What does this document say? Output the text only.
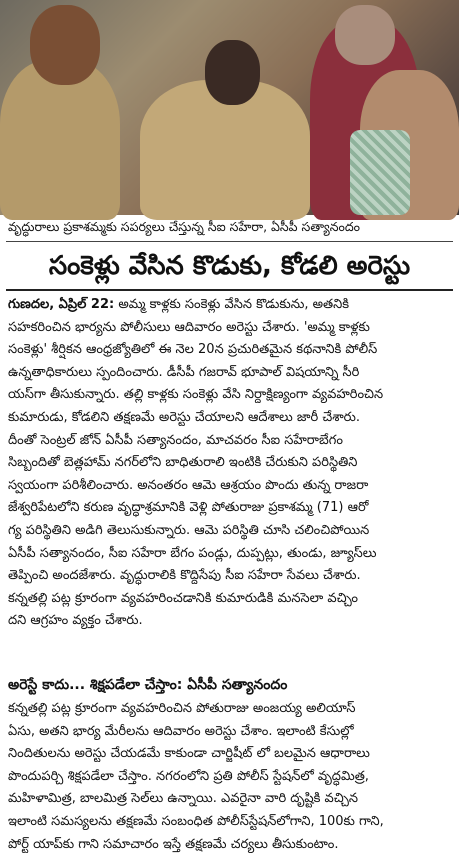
వృద్ధురాలు ప్రకాశమ్మకు సపర్యలు చేస్తున్న సీఐ సహేరా, ఏసీపీ సత్యానందం
సంకెళ్లు వేసిన కొడుకు, కోడలి అరెస్టు
గుణదల, ఏప్రిల్ 22: అమ్మ కాళ్లకు సంకెళ్లు వేసిన కొడుకును, అతనికి
సహకరించిన భార్యను పోలీసులు ఆదివారం అరెస్టు చేశారు. 'అమ్మ కాళ్లకు
సంకెళ్లు' శీర్షికన ఆంధ్రజ్యోతిలో ఈ నెల 20న ప్రచురితమైన కథనానికి పోలీస్
ఉన్నతాధికారులు స్పందించారు. డీసీపీ గజరావ్ భూపాల్ విషయాన్ని సీరి
యస్‌గా తీసుకున్నారు. తల్లి కాళ్లకు సంకెళ్లు వేసి నిర్దాక్షిణ్యంగా వ్యవహరించిన
కుమారుడు, కోడలిని తక్షణమే అరెస్టు చేయాలని ఆదేశాలు జారీ చేశారు.
దీంతో సెంట్రల్ జోన్ ఏసీపీ సత్యానందం, మాచవరం సీఐ సహేరాబేగం
సిబ్బందితో బెత్లహామ్ నగర్‌లోని బాధితురాలి ఇంటికి చేరుకుని పరిస్థితిని
స్వయంగా పరిశీలించారు. అనంతరం ఆమె ఆశ్రయం పొందు తున్న రాజరా
జేశ్వరిపేటలోని కరుణ వృద్ధాశ్రమానికి వెళ్లి పోతురాజు ప్రకాశమ్మ (71) ఆరో
గ్య పరిస్థితిని అడిగి తెలుసుకున్నారు. ఆమె పరిస్థితి చూసి చలించిపోయిన
ఏసీపీ సత్యానందం, సీఐ సహేరా బేగం పండ్లు, దుప్పట్లు, తుండు, జ్యూస్‌లు
తెప్పించి అందజేశారు. వృద్ధురాలికి కొద్దిసేపు సీఐ సహేరా సేవలు చేశారు.
కన్నతల్లి పట్ల క్రూరంగా వ్యవహరించడానికి కుమారుడికి మనసెలా వచ్చిం
దని ఆగ్రహం వ్యక్తం చేశారు.
అరెస్టే కాదు... శిక్షపడేలా చేస్తాం: ఏసీపీ సత్యానందం
కన్నతల్లి పట్ల క్రూరంగా వ్యవహరించిన పోతురాజు అంజయ్య అలియాస్
ఏసు, అతని భార్య మేరీలను ఆదివారం అరెస్టు చేశాం. ఇలాంటి కేసుల్లో
నిందితులను అరెస్టు చేయడమే కాకుండా చార్జిషీట్ లో బలమైన ఆధారాలు
పొందుపర్చి శిక్షపడేలా చేస్తాం. నగరంలోని ప్రతి పోలీస్ స్టేషన్‌లో వృద్ధమిత్ర,
మహిళామిత్ర, బాలమిత్ర సెల్‌లు ఉన్నాయి. ఎవరైనా వారి దృష్టికి వచ్చిన
ఇలాంటి సమస్యలను తక్షణమే సంబంధిత పోలీస్‌స్టేషన్‌లోగాని, 100కు గాని,
పోర్ట్ యాప్‌కు గాని సమాచారం ఇస్తే తక్షణమే చర్యలు తీసుకుంటాం.
